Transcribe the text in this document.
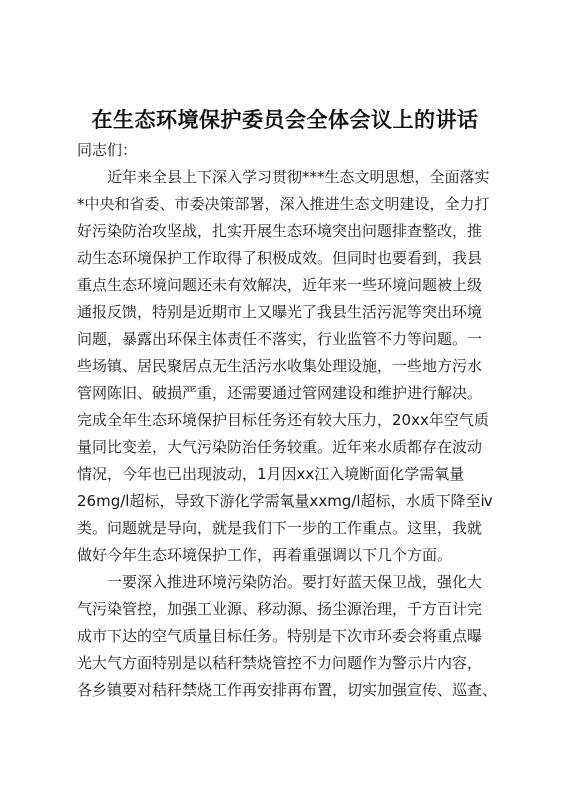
在生态环境保护委员会全体会议上的讲话
同志们：
近年来全县上下深入学习贯彻***生态文明思想，全面落实
*中央和省委、市委决策部署，深入推进生态文明建设，全力打
好污染防治攻坚战，扎实开展生态环境突出问题排查整改，推
动生态环境保护工作取得了积极成效。但同时也要看到，我县
重点生态环境问题还未有效解决，近年来一些环境问题被上级
通报反馈，特别是近期市上又曝光了我县生活污泥等突出环境
问题，暴露出环保主体责任不落实，行业监管不力等问题。一
些场镇、居民聚居点无生活污水收集处理设施，一些地方污水
管网陈旧、破损严重，还需要通过管网建设和维护进行解决。
完成全年生态环境保护目标任务还有较大压力，20xx年空气质
量同比变差，大气污染防治任务较重。近年来水质都存在波动
情况，今年也已出现波动，1月因xx江入境断面化学需氧量
26mg/l超标，导致下游化学需氧量xxmg/l超标，水质下降至ⅳ
类。问题就是导向，就是我们下一步的工作重点。这里，我就
做好今年生态环境保护工作，再着重强调以下几个方面。
一要深入推进环境污染防治。要打好蓝天保卫战，强化大
气污染管控，加强工业源、移动源、扬尘源治理，千方百计完
成市下达的空气质量目标任务。特别是下次市环委会将重点曝
光大气方面特别是以秸秆禁烧管控不力问题作为警示片内容，
各乡镇要对秸秆禁烧工作再安排再布置，切实加强宣传、巡查、
